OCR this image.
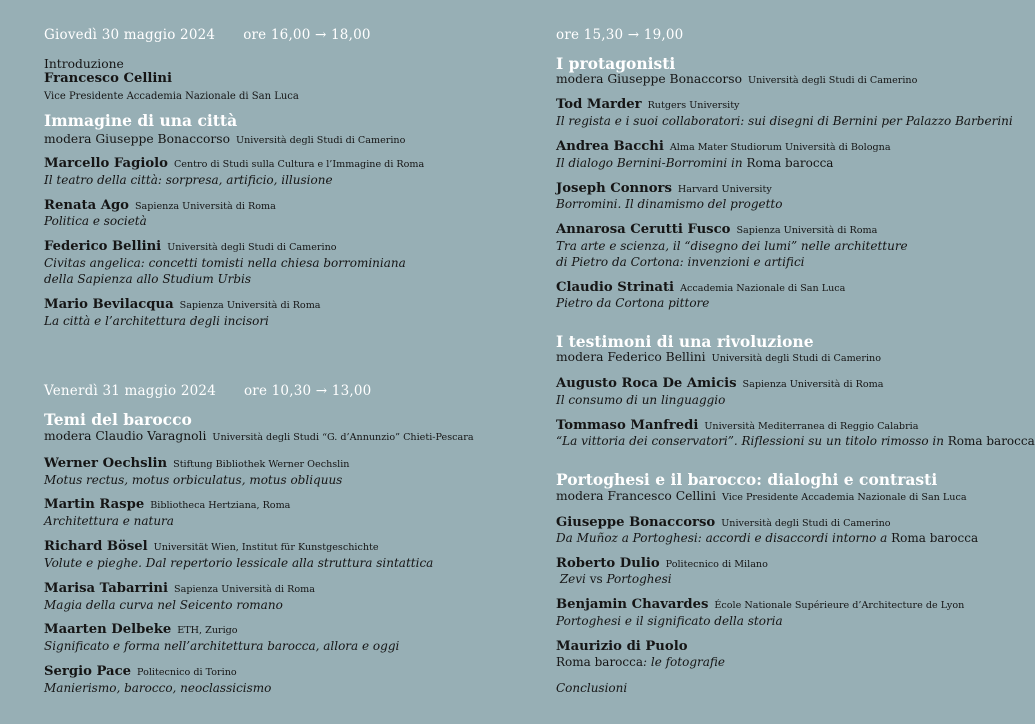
Giovedì 30 maggio 2024 ore 16,00 → 18,00
Introduzione
Francesco Cellini
Vice Presidente Accademia Nazionale di San Luca
Immagine di una città
modera Giuseppe Bonaccorso Università degli Studi di Camerino
Marcello Fagiolo Centro di Studi sulla Cultura e l’Immagine di Roma
Il teatro della città: sorpresa, artificio, illusione
Renata Ago Sapienza Università di Roma
Politica e società
Federico Bellini Università degli Studi di Camerino
Civitas angelica: concetti tomisti nella chiesa borrominiana
della Sapienza allo Studium Urbis
Mario Bevilacqua Sapienza Università di Roma
La città e l’architettura degli incisori
Venerdì 31 maggio 2024 ore 10,30 → 13,00
Temi del barocco
modera Claudio Varagnoli Università degli Studi “G. d’Annunzio” Chieti-Pescara
Werner Oechslin Stiftung Bibliothek Werner Oechslin
Motus rectus, motus orbiculatus, motus obliquus
Martin Raspe Bibliotheca Hertziana, Roma
Architettura e natura
Richard Bösel Universität Wien, Institut für Kunstgeschichte
Volute e pieghe. Dal repertorio lessicale alla struttura sintattica
Marisa Tabarrini Sapienza Università di Roma
Magia della curva nel Seicento romano
Maarten Delbeke ETH, Zurigo
Significato e forma nell’architettura barocca, allora e oggi
Sergio Pace Politecnico di Torino
Manierismo, barocco, neoclassicismo
ore 15,30 → 19,00
I protagonisti
modera Giuseppe Bonaccorso Università degli Studi di Camerino
Tod Marder Rutgers University
Il regista e i suoi collaboratori: sui disegni di Bernini per Palazzo Barberini
Andrea Bacchi Alma Mater Studiorum Università di Bologna
Il dialogo Bernini-Borromini in Roma barocca
Joseph Connors Harvard University
Borromini. Il dinamismo del progetto
Annarosa Cerutti Fusco Sapienza Università di Roma
Tra arte e scienza, il “disegno dei lumi” nelle architetture
di Pietro da Cortona: invenzioni e artifici
Claudio Strinati Accademia Nazionale di San Luca
Pietro da Cortona pittore
I testimoni di una rivoluzione
modera Federico Bellini Università degli Studi di Camerino
Augusto Roca De Amicis Sapienza Università di Roma
Il consumo di un linguaggio
Tommaso Manfredi Università Mediterranea di Reggio Calabria
“La vittoria dei conservatori”. Riflessioni su un titolo rimosso in Roma barocca
Portoghesi e il barocco: dialoghi e contrasti
modera Francesco Cellini Vice Presidente Accademia Nazionale di San Luca
Giuseppe Bonaccorso Università degli Studi di Camerino
Da Muñoz a Portoghesi: accordi e disaccordi intorno a Roma barocca
Roberto Dulio Politecnico di Milano
Zevi vs Portoghesi
Benjamin Chavardes École Nationale Supérieure d’Architecture de Lyon
Portoghesi e il significato della storia
Maurizio di Puolo
Roma barocca: le fotografie
Conclusioni
